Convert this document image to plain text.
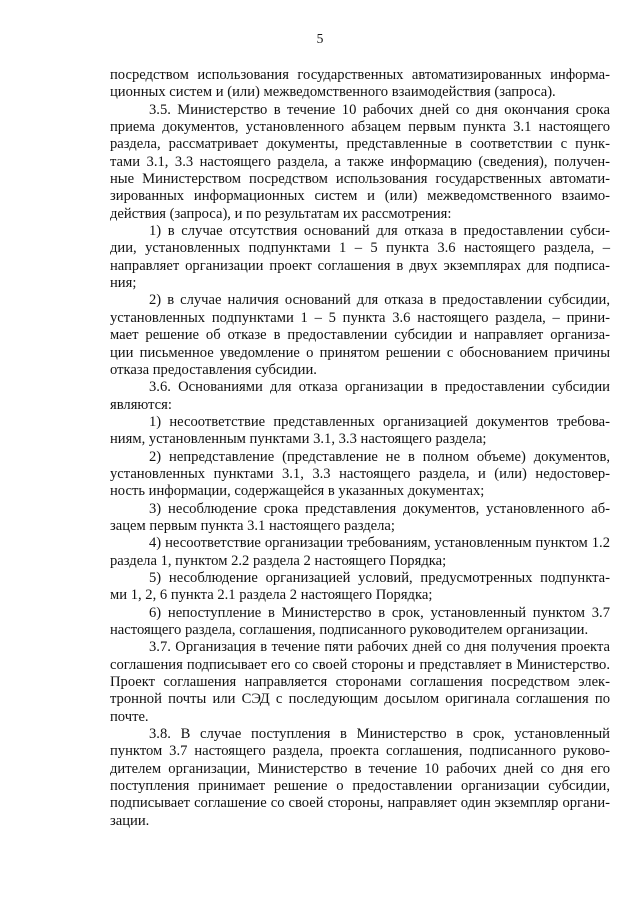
5
посредством использования государственных автоматизированных информа-
ционных систем и (или) межведомственного взаимодействия (запроса).
3.5. Министерство в течение 10 рабочих дней со дня окончания срока
приема документов, установленного абзацем первым пункта 3.1 настоящего
раздела, рассматривает документы, представленные в соответствии с пунк-
тами 3.1, 3.3 настоящего раздела, а также информацию (сведения), получен-
ные Министерством посредством использования государственных автомати-
зированных информационных систем и (или) межведомственного взаимо-
действия (запроса), и по результатам их рассмотрения:
1) в случае отсутствия оснований для отказа в предоставлении субси-
дии, установленных подпунктами 1 – 5 пункта 3.6 настоящего раздела, –
направляет организации проект соглашения в двух экземплярах для подписа-
ния;
2) в случае наличия оснований для отказа в предоставлении субсидии,
установленных подпунктами 1 – 5 пункта 3.6 настоящего раздела, – прини-
мает решение об отказе в предоставлении субсидии и направляет организа-
ции письменное уведомление о принятом решении с обоснованием причины
отказа предоставления субсидии.
3.6. Основаниями для отказа организации в предоставлении субсидии
являются:
1) несоответствие представленных организацией документов требова-
ниям, установленным пунктами 3.1, 3.3 настоящего раздела;
2) непредставление (представление не в полном объеме) документов,
установленных пунктами 3.1, 3.3 настоящего раздела, и (или) недостовер-
ность информации, содержащейся в указанных документах;
3) несоблюдение срока представления документов, установленного аб-
зацем первым пункта 3.1 настоящего раздела;
4) несоответствие организации требованиям, установленным пунктом 1.2
раздела 1, пунктом 2.2 раздела 2 настоящего Порядка;
5) несоблюдение организацией условий, предусмотренных подпункта-
ми 1, 2, 6 пункта 2.1 раздела 2 настоящего Порядка;
6) непоступление в Министерство в срок, установленный пунктом 3.7
настоящего раздела, соглашения, подписанного руководителем организации.
3.7. Организация в течение пяти рабочих дней со дня получения проекта
соглашения подписывает его со своей стороны и представляет в Министерство.
Проект соглашения направляется сторонами соглашения посредством элек-
тронной почты или СЭД с последующим досылом оригинала соглашения по
почте.
3.8. В случае поступления в Министерство в срок, установленный
пунктом 3.7 настоящего раздела, проекта соглашения, подписанного руково-
дителем организации, Министерство в течение 10 рабочих дней со дня его
поступления принимает решение о предоставлении организации субсидии,
подписывает соглашение со своей стороны, направляет один экземпляр органи-
зации.
